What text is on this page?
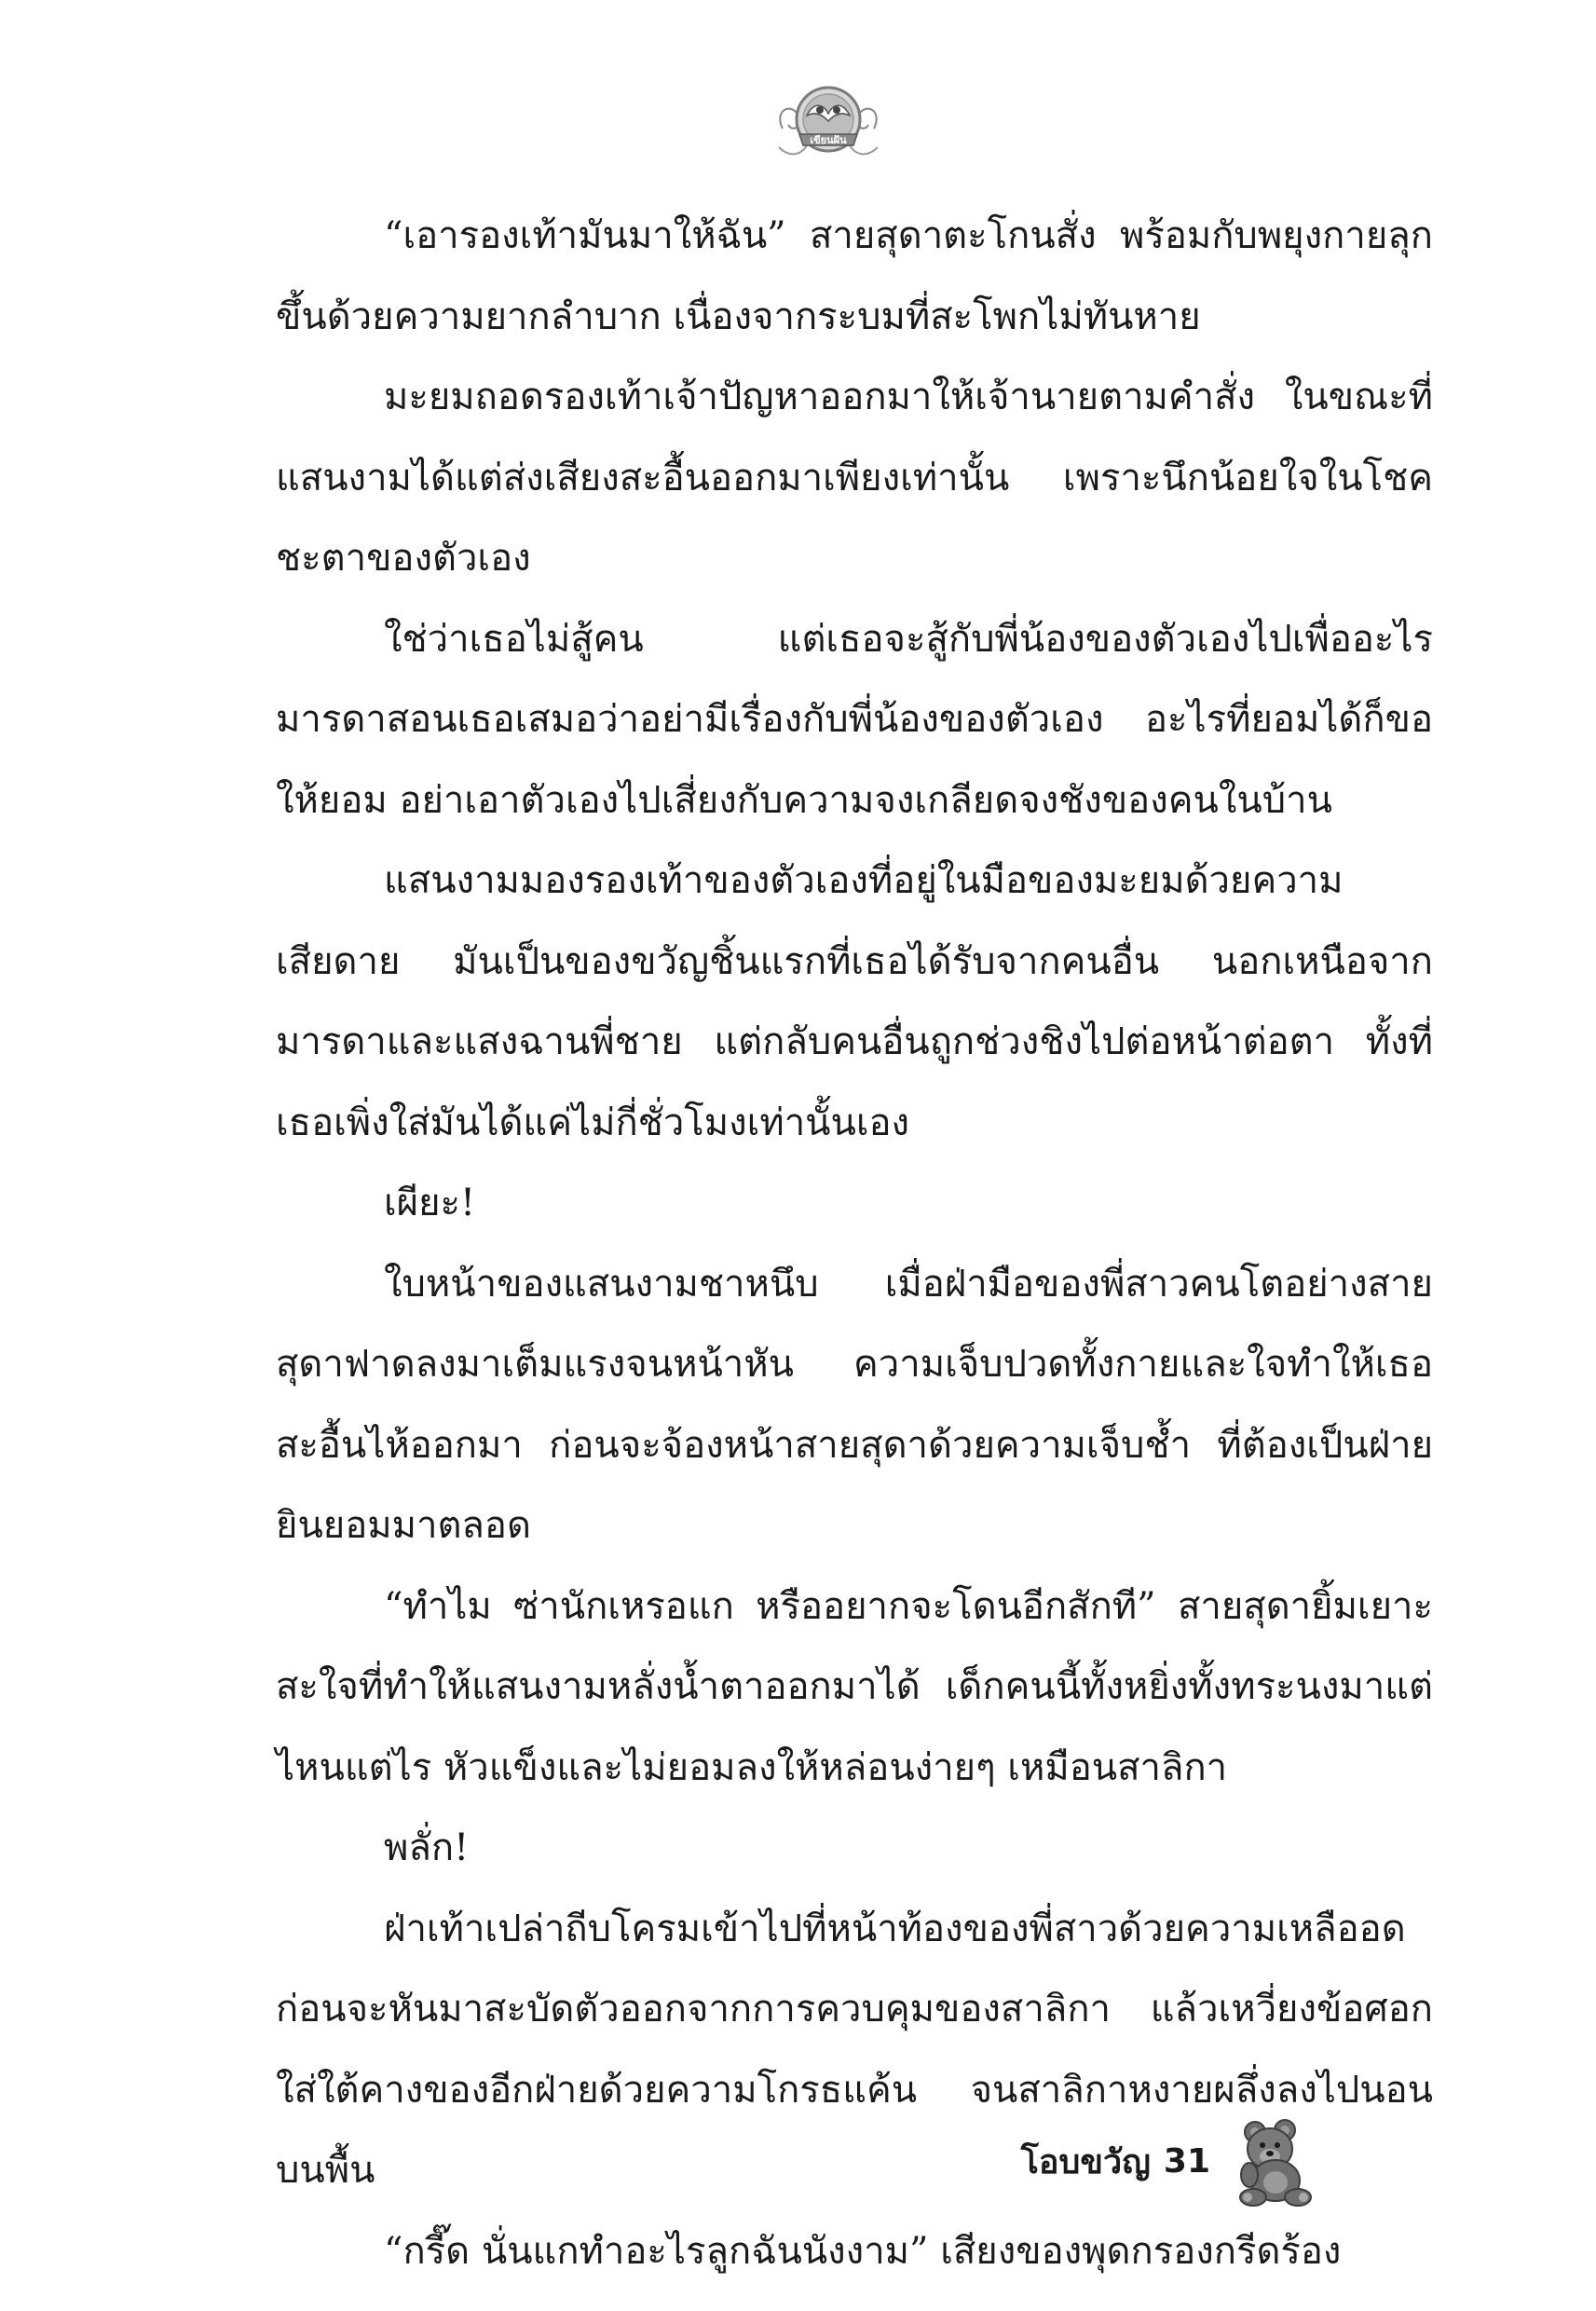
เขียนฝัน

“เอารองเท้ามันมาให้ฉัน” สายสุดาตะโกนสั่ง พร้อมกับพยุงกายลุกขึ้นด้วยความยากลำบาก เนื่องจากระบมที่สะโพกไม่ทันหาย

มะยมถอดรองเท้าเจ้าปัญหาออกมาให้เจ้านายตามคำสั่ง ในขณะที่แสนงามได้แต่ส่งเสียงสะอื้นออกมาเพียงเท่านั้น เพราะนึกน้อยใจในโชคชะตาของตัวเอง

ใช่ว่าเธอไม่สู้คน แต่เธอจะสู้กับพี่น้องของตัวเองไปเพื่ออะไร มารดาสอนเธอเสมอว่าอย่ามีเรื่องกับพี่น้องของตัวเอง อะไรที่ยอมได้ก็ขอให้ยอม อย่าเอาตัวเองไปเสี่ยงกับความจงเกลียดจงชังของคนในบ้าน

แสนงามมองรองเท้าของตัวเองที่อยู่ในมือของมะยมด้วยความเสียดาย มันเป็นของขวัญชิ้นแรกที่เธอได้รับจากคนอื่น นอกเหนือจากมารดาและแสงฉานพี่ชาย แต่กลับคนอื่นถูกช่วงชิงไปต่อหน้าต่อตา ทั้งที่เธอเพิ่งใส่มันได้แค่ไม่กี่ชั่วโมงเท่านั้นเอง

เผียะ!

ใบหน้าของแสนงามชาหนึบ เมื่อฝ่ามือของพี่สาวคนโตอย่างสายสุดาฟาดลงมาเต็มแรงจนหน้าหัน ความเจ็บปวดทั้งกายและใจทำให้เธอสะอื้นไห้ออกมา ก่อนจะจ้องหน้าสายสุดาด้วยความเจ็บช้ำ ที่ต้องเป็นฝ่ายยินยอมมาตลอด

“ทำไม ซ่านักเหรอแก หรืออยากจะโดนอีกสักที” สายสุดายิ้มเยาะสะใจที่ทำให้แสนงามหลั่งน้ำตาออกมาได้ เด็กคนนี้ทั้งหยิ่งทั้งทระนงมาแต่ไหนแต่ไร หัวแข็งและไม่ยอมลงให้หล่อนง่ายๆ เหมือนสาลิกา

พลั่ก!

ฝ่าเท้าเปล่าถีบโครมเข้าไปที่หน้าท้องของพี่สาวด้วยความเหลืออด ก่อนจะหันมาสะบัดตัวออกจากการควบคุมของสาลิกา แล้วเหวี่ยงข้อศอกใส่ใต้คางของอีกฝ่ายด้วยความโกรธแค้น จนสาลิกาหงายผลึ่งลงไปนอนบนพื้น

“กรี๊ด นั่นแกทำอะไรลูกฉันนังงาม” เสียงของพุดกรองกรีดร้อง

โอบขวัญ 31
